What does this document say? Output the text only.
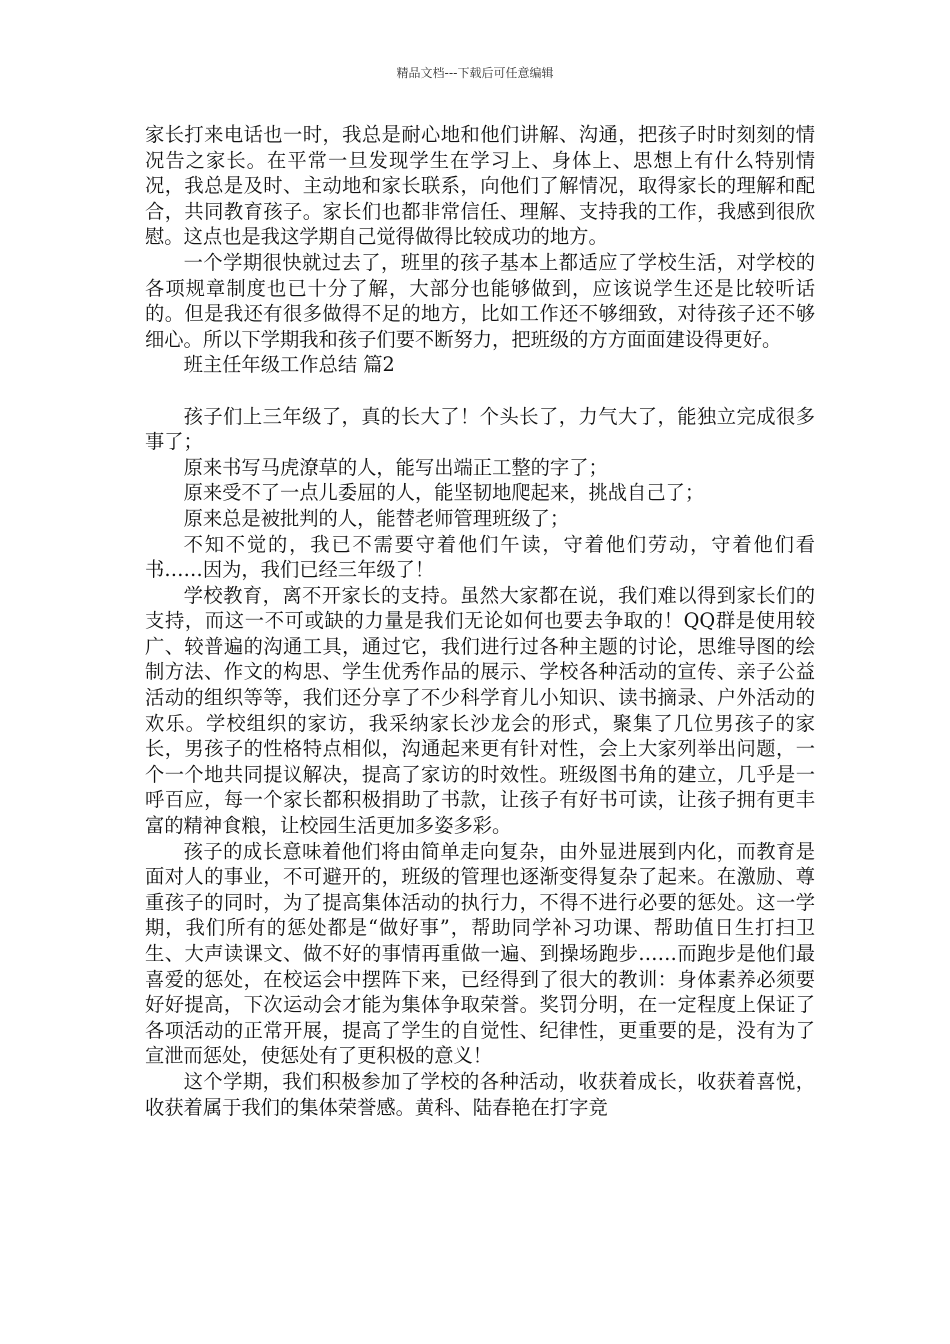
精品文档---下载后可任意编辑

家长打来电话也一时，我总是耐心地和他们讲解、沟通，把孩子时时刻刻的情况告之家长。在平常一旦发现学生在学习上、身体上、思想上有什么特别情况，我总是及时、主动地和家长联系，向他们了解情况，取得家长的理解和配合，共同教育孩子。家长们也都非常信任、理解、支持我的工作，我感到很欣慰。这点也是我这学期自己觉得做得比较成功的地方。

一个学期很快就过去了，班里的孩子基本上都适应了学校生活，对学校的各项规章制度也已十分了解，大部分也能够做到，应该说学生还是比较听话的。但是我还有很多做得不足的地方，比如工作还不够细致，对待孩子还不够细心。所以下学期我和孩子们要不断努力，把班级的方方面面建设得更好。

班主任年级工作总结 篇2

孩子们上三年级了，真的长大了！个头长了，力气大了，能独立完成很多事了；

原来书写马虎潦草的人，能写出端正工整的字了；

原来受不了一点儿委屈的人，能坚韧地爬起来，挑战自己了；

原来总是被批判的人，能替老师管理班级了；

不知不觉的，我已不需要守着他们午读，守着他们劳动，守着他们看书……因为，我们已经三年级了！

学校教育，离不开家长的支持。虽然大家都在说，我们难以得到家长们的支持，而这一不可或缺的力量是我们无论如何也要去争取的！QQ群是使用较广、较普遍的沟通工具，通过它，我们进行过各种主题的讨论，思维导图的绘制方法、作文的构思、学生优秀作品的展示、学校各种活动的宣传、亲子公益活动的组织等等，我们还分享了不少科学育儿小知识、读书摘录、户外活动的欢乐。学校组织的家访，我采纳家长沙龙会的形式，聚集了几位男孩子的家长，男孩子的性格特点相似，沟通起来更有针对性，会上大家列举出问题，一个一个地共同提议解决，提高了家访的时效性。班级图书角的建立，几乎是一呼百应，每一个家长都积极捐助了书款，让孩子有好书可读，让孩子拥有更丰富的精神食粮，让校园生活更加多姿多彩。

孩子的成长意味着他们将由简单走向复杂，由外显进展到内化，而教育是面对人的事业，不可避开的，班级的管理也逐渐变得复杂了起来。在激励、尊重孩子的同时，为了提高集体活动的执行力，不得不进行必要的惩处。这一学期，我们所有的惩处都是“做好事”，帮助同学补习功课、帮助值日生打扫卫生、大声读课文、做不好的事情再重做一遍、到操场跑步……而跑步是他们最喜爱的惩处，在校运会中摆阵下来，已经得到了很大的教训：身体素养必须要好好提高，下次运动会才能为集体争取荣誉。奖罚分明，在一定程度上保证了各项活动的正常开展，提高了学生的自觉性、纪律性，更重要的是，没有为了宣泄而惩处，使惩处有了更积极的意义！

这个学期，我们积极参加了学校的各种活动，收获着成长，收获着喜悦，收获着属于我们的集体荣誉感。黄科、陆春艳在打字竞
